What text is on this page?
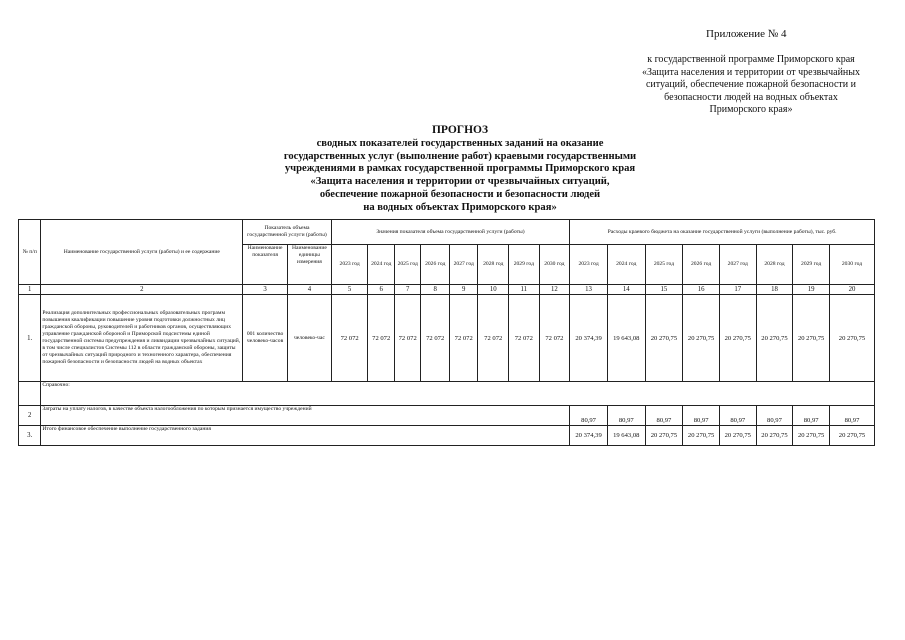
Приложение № 4
к государственной программе Приморского края
«Защита населения и территории от чрезвычайных
ситуаций, обеспечение пожарной безопасности и
безопасности людей на водных объектах
Приморского края»
ПРОГНОЗ
сводных показателей государственных заданий на оказание
государственных услуг (выполнение работ) краевыми государственными
учреждениями в рамках государственной программы Приморского края
«Защита населения и территории от чрезвычайных ситуаций,
обеспечение пожарной безопасности и безопасности людей
на водных объектах Приморского края»
№ п/п	Наименование государственной услуги (работы) и ее содержание	Показатель объема государственной услуги (работы)		Значения показателя объема государственной услуги (работы)								Расходы краевого бюджета на оказание государственной услуги (выполнение работы), тыс. руб.							
		Наименование показателя	Наименование единицы измерения	2023 год	2024 год	2025 год	2026 год	2027 год	2028 год	2029 год	2030 год	2023 год	2024 год	2025 год	2026 год	2027 год	2028 год	2029 год	2030 год
1	2	3	4	5	6	7	8	9	10	11	12	13	14	15	16	17	18	19	20
1.	Реализация дополнительных профессиональных образовательных программ повышения квалификации повышение уровня подготовки должностных лиц гражданской обороны, руководителей и работников органов, осуществляющих управление гражданской обороной и Приморской подсистемы единой государственной системы предупреждения и ликвидации чрезвычайных ситуаций, в том числе специалистов Системы 112 в области гражданской обороны, защиты от чрезвычайных ситуаций природного и техногенного характера, обеспечения пожарной безопасности и безопасности людей на водных объектах	001 количество человеко-часов	человеко-час	72 072	72 072	72 072	72 072	72 072	72 072	72 072	72 072	20 374,39	19 643,08	20 270,75	20 270,75	20 270,75	20 270,75	20 270,75	20 270,75
	Справочно:																		
2	Затраты на уплату налогов, в качестве объекта налогообложения по которым признается имущество учреждений											80,97	80,97	80,97	80,97	80,97	80,97	80,97	80,97
3.	Итого финансовое обеспечение выполнение государственного задания											20 374,39	19 643,08	20 270,75	20 270,75	20 270,75	20 270,75	20 270,75	20 270,75
